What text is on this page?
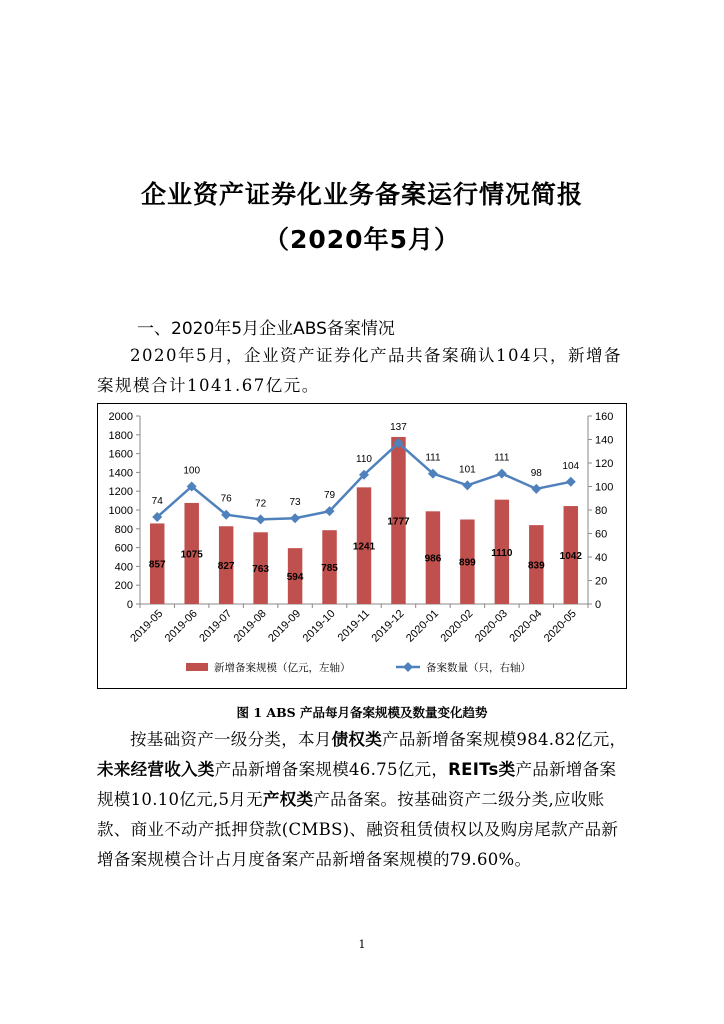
企业资产证券化业务备案运行情况简报
（2020年5月）
一、2020年5月企业ABS备案情况
2020年5月，企业资产证券化产品共备案确认104只，新增备案规模合计1041.67亿元。
0
200
400
600
800
1000
1200
1400
1600
1800
2000
0
20
40
60
80
100
120
140
160
74
100
76 72 73
79
110
137
111
101
111
98
104
857
1075
827 763
594
785
1241
1777
986 899
1110
839
1042
2019-05
2019-06
2019-07
2019-08
2019-09
2019-10
2019-11
2019-12
2020-01
2020-02
2020-03
2020-04
2020-05
新增备案规模（亿元，左轴）	备案数量（只，右轴）
图 1 ABS 产品每月备案规模及数量变化趋势
按基础资产一级分类，本月债权类产品新增备案规模984.82亿元，未来经营收入类产品新增备案规模46.75亿元，REITs类产品新增备案规模10.10亿元,5月无产权类产品备案。按基础资产二级分类,应收账款、商业不动产抵押贷款(CMBS)、融资租赁债权以及购房尾款产品新增备案规模合计占月度备案产品新增备案规模的79.60%。
1
